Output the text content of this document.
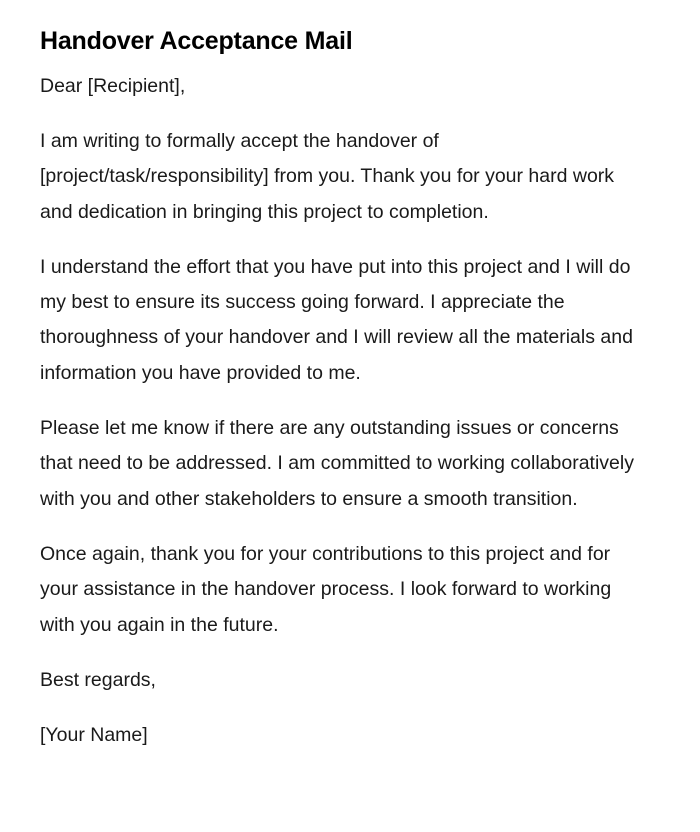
Handover Acceptance Mail

Dear [Recipient],

I am writing to formally accept the handover of [project/task/responsibility] from you. Thank you for your hard work and dedication in bringing this project to completion.

I understand the effort that you have put into this project and I will do my best to ensure its success going forward. I appreciate the thoroughness of your handover and I will review all the materials and information you have provided to me.

Please let me know if there are any outstanding issues or concerns that need to be addressed. I am committed to working collaboratively with you and other stakeholders to ensure a smooth transition.

Once again, thank you for your contributions to this project and for your assistance in the handover process. I look forward to working with you again in the future.

Best regards,

[Your Name]
